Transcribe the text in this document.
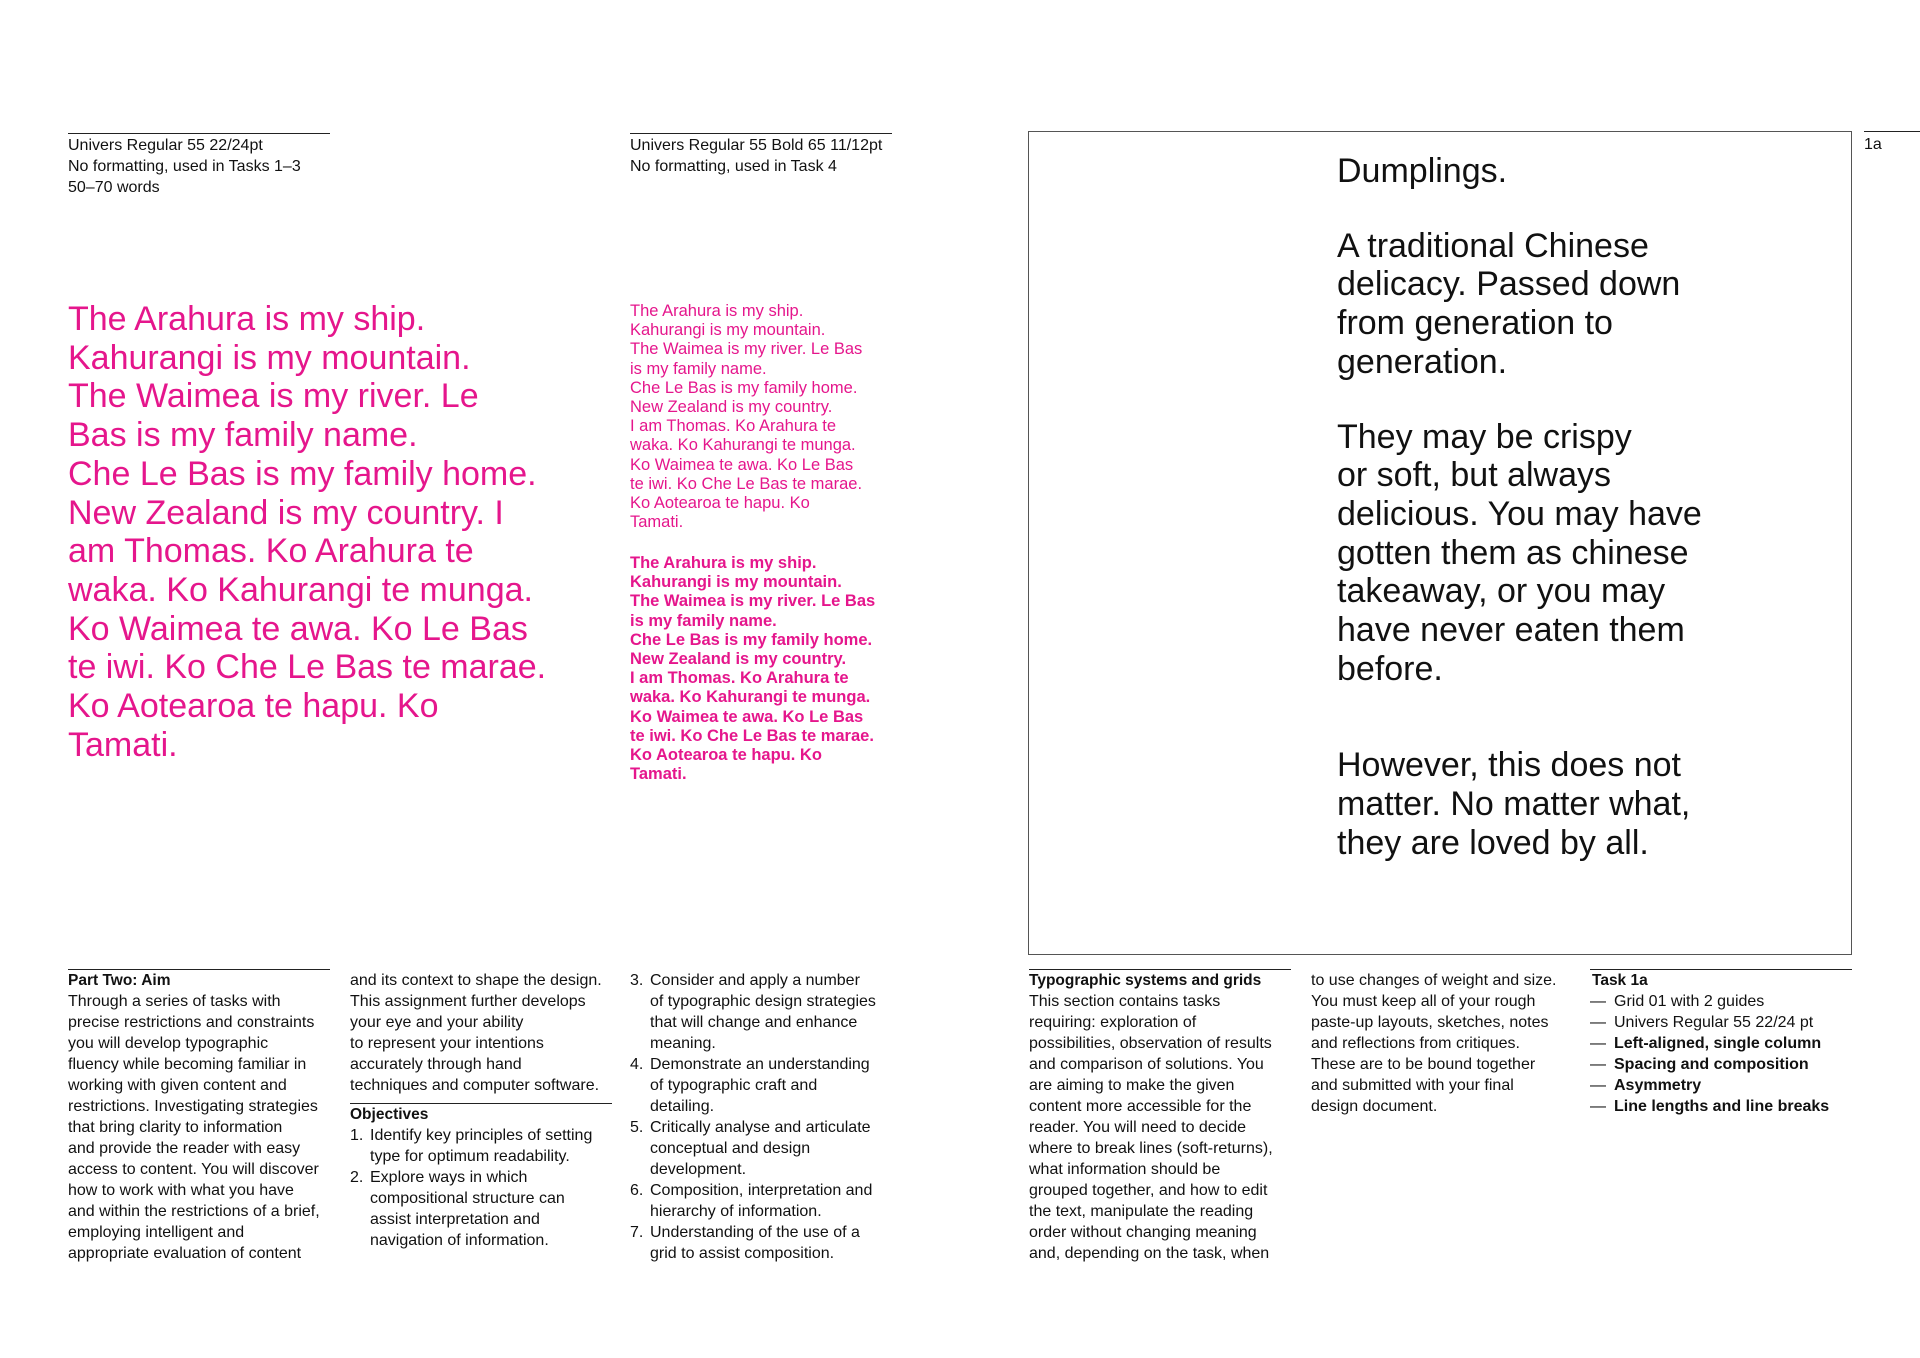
Univers Regular 55 22/24pt
No formatting, used in Tasks 1–3
50–70 words
Univers Regular 55 Bold 65 11/12pt
No formatting, used in Task 4
1a
The Arahura is my ship.
Kahurangi is my mountain.
The Waimea is my river. Le
Bas is my family name.
Che Le Bas is my family home.
New Zealand is my country. I
am Thomas. Ko Arahura te
waka. Ko Kahurangi te munga.
Ko Waimea te awa. Ko Le Bas
te iwi. Ko Che Le Bas te marae.
Ko Aotearoa te hapu. Ko
Tamati.
The Arahura is my ship.
Kahurangi is my mountain.
The Waimea is my river. Le Bas
is my family name.
Che Le Bas is my family home.
New Zealand is my country.
I am Thomas. Ko Arahura te
waka. Ko Kahurangi te munga.
Ko Waimea te awa. Ko Le Bas
te iwi. Ko Che Le Bas te marae.
Ko Aotearoa te hapu. Ko
Tamati.
The Arahura is my ship.
Kahurangi is my mountain.
The Waimea is my river. Le Bas
is my family name.
Che Le Bas is my family home.
New Zealand is my country.
I am Thomas. Ko Arahura te
waka. Ko Kahurangi te munga.
Ko Waimea te awa. Ko Le Bas
te iwi. Ko Che Le Bas te marae.
Ko Aotearoa te hapu. Ko
Tamati.

Dumplings.

A traditional Chinese
delicacy. Passed down
from generation to
generation.

They may be crispy
or soft, but always
delicious. You may have
gotten them as chinese
takeaway, or you may
have never eaten them
before.

However, this does not
matter. No matter what,
they are loved by all.

Part Two: Aim

Through a series of tasks with
precise restrictions and constraints
you will develop typographic
fluency while becoming familiar in
working with given content and
restrictions. Investigating strategies
that bring clarity to information
and provide the reader with easy
access to content. You will discover
how to work with what you have
and within the restrictions of a brief,
employing intelligent and
appropriate evaluation of content

and its context to shape the design.
This assignment further develops
your eye and your ability
to represent your intentions
accurately through hand
techniques and computer software.

Objectives
1. Identify key principles of setting
type for optimum readability.
2. Explore ways in which
compositional structure can
assist interpretation and
navigation of information.
3. Consider and apply a number
of typographic design strategies
that will change and enhance
meaning.
4. Demonstrate an understanding
of typographic craft and
detailing.
5. Critically analyse and articulate
conceptual and design
development.
6. Composition, interpretation and
hierarchy of information.
7. Understanding of the use of a
grid to assist composition.
Typographic systems and grids

This section contains tasks
requiring: exploration of
possibilities, observation of results
and comparison of solutions. You
are aiming to make the given
content more accessible for the
reader. You will need to decide
where to break lines (soft-returns),
what information should be
grouped together, and how to edit
the text, manipulate the reading
order without changing meaning
and, depending on the task, when

to use changes of weight and size.
You must keep all of your rough
paste-up layouts, sketches, notes
and reflections from critiques.
These are to be bound together
and submitted with your final
design document.

Task 1a
— Grid 01 with 2 guides
— Univers Regular 55 22/24 pt
— Left-aligned, single column
— Spacing and composition
— Asymmetry
— Line lengths and line breaks
